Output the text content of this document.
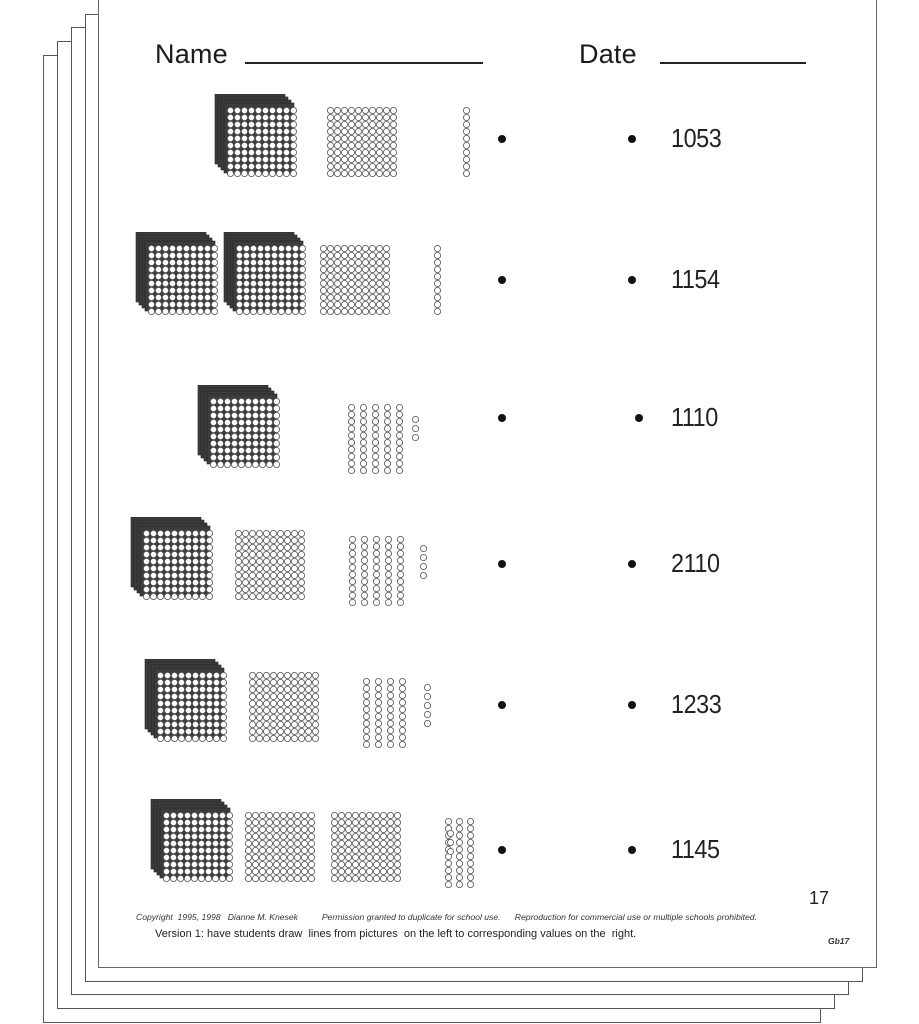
Name	Date
1053
1154
1110
2110
1233
1145
17
Copyright  1995, 1998   Dianne M. Knesek          Permission granted to duplicate for school use.      Reproduction for commercial use or multiple schools prohibited.
Version 1: have students draw  lines from pictures  on the left to corresponding values on the  right.
Gb17
